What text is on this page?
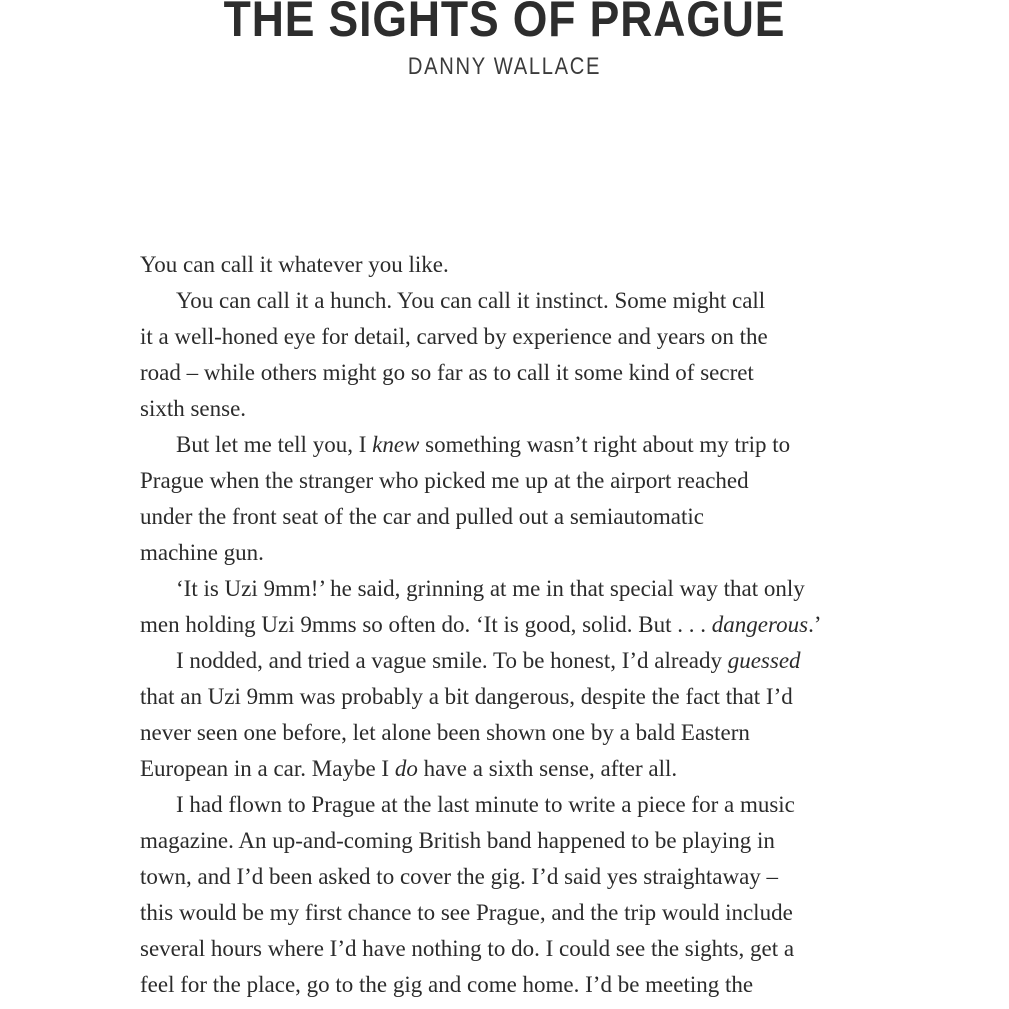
THE SIGHTS OF PRAGUE
DANNY WALLACE
You can call it whatever you like.
You can call it a hunch. You can call it instinct. Some might call
it a well-honed eye for detail, carved by experience and years on the
road – while others might go so far as to call it some kind of secret
sixth sense.
But let me tell you, I knew something wasn’t right about my trip to
Prague when the stranger who picked me up at the airport reached
under the front seat of the car and pulled out a semiautomatic
machine gun.
‘It is Uzi 9mm!’ he said, grinning at me in that special way that only
men holding Uzi 9mms so often do. ‘It is good, solid. But . . . dangerous.’
I nodded, and tried a vague smile. To be honest, I’d already guessed
that an Uzi 9mm was probably a bit dangerous, despite the fact that I’d
never seen one before, let alone been shown one by a bald Eastern
European in a car. Maybe I do have a sixth sense, after all.
I had flown to Prague at the last minute to write a piece for a music
magazine. An up-and-coming British band happened to be playing in
town, and I’d been asked to cover the gig. I’d said yes straightaway –
this would be my first chance to see Prague, and the trip would include
several hours where I’d have nothing to do. I could see the sights, get a
feel for the place, go to the gig and come home. I’d be meeting the
